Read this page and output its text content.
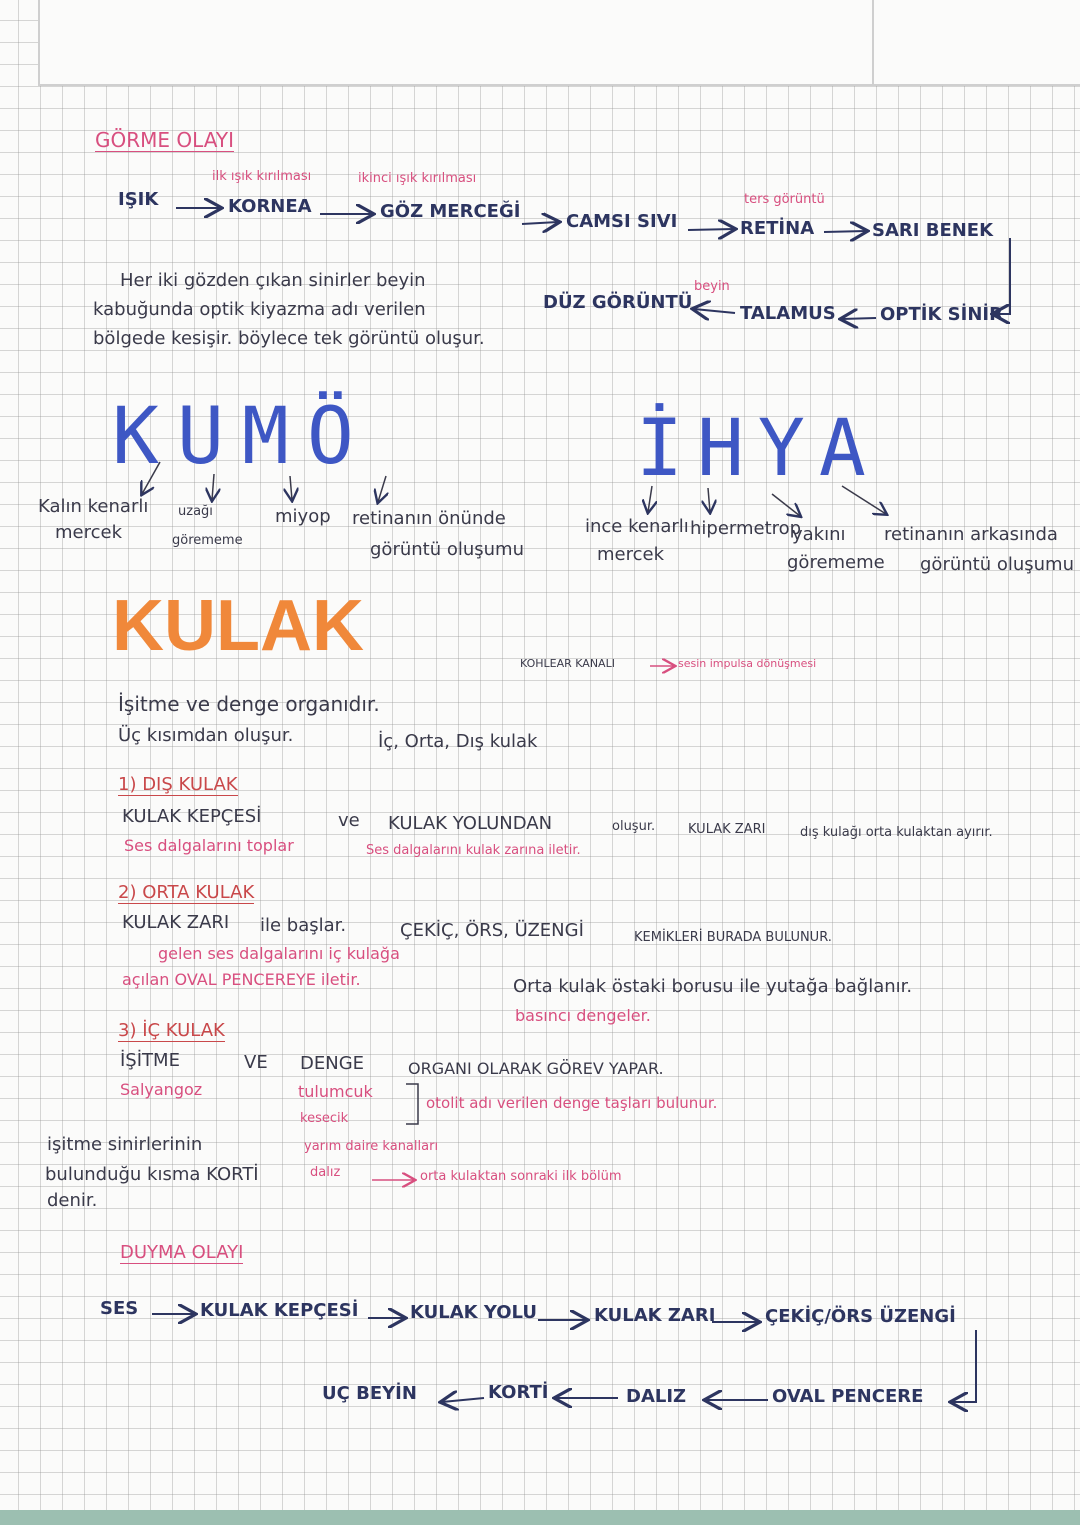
GÖRME OLAYI
ilk ışık kırılması	ikinci ışık kırılması
IŞIK	KORNEA	GÖZ MERCEĞİ	CAMSI SIVI
ters görüntü
RETİNA	SARI BENEK
Her iki gözden çıkan sinirler beyin
kabuğunda optik kiyazma adı verilen
bölgede kesişir. böylece tek görüntü oluşur.
DÜZ GÖRÜNTÜ
beyin
TALAMUS OPTİK SİNİR
KUMÖ	İHYA
Kalın kenarlı
mercek
uzağı
görememe
miyop retinanın önünde
görüntü oluşumu
ince kenarlı
mercek
hipermetrop
yakını
görememe
retinanın arkasında
görüntü oluşumu
KULAK	KOHLEAR KANALI	sesin impulsa dönüşmesi
İşitme ve denge organıdır.
Üç kısımdan oluşur.	İç, Orta, Dış kulak
1) DIŞ KULAK
KULAK KEPÇESİ	ve KULAK YOLUNDAN	oluşur.	KULAK ZARI	dış kulağı orta kulaktan ayırır.
Ses dalgalarını toplar	Ses dalgalarını kulak zarına iletir.
2) ORTA KULAK
KULAK ZARI ile başlar.	ÇEKİÇ, ÖRS, ÜZENGİ	KEMİKLERİ BURADA BULUNUR.
gelen ses dalgalarını iç kulağa
açılan OVAL PENCEREYE iletir.	Orta kulak östaki borusu ile yutağa bağlanır.
basıncı dengeler.
3) İÇ KULAK
İŞİTME	VE DENGE	ORGANI OLARAK GÖREV YAPAR.
Salyangoz	tulumcuk
kesecik
otolit adı verilen denge taşları bulunur.
yarım daire kanalları
dalız	orta kulaktan sonraki ilk bölüm
işitme sinirlerinin
bulunduğu kısma KORTİ
denir.
DUYMA OLAYI
SES	KULAK KEPÇESİ	KULAK YOLU	KULAK ZARI	ÇEKİÇ/ÖRS ÜZENGİ
OVAL PENCERE
DALIZ
KORTİ
UÇ BEYİN
